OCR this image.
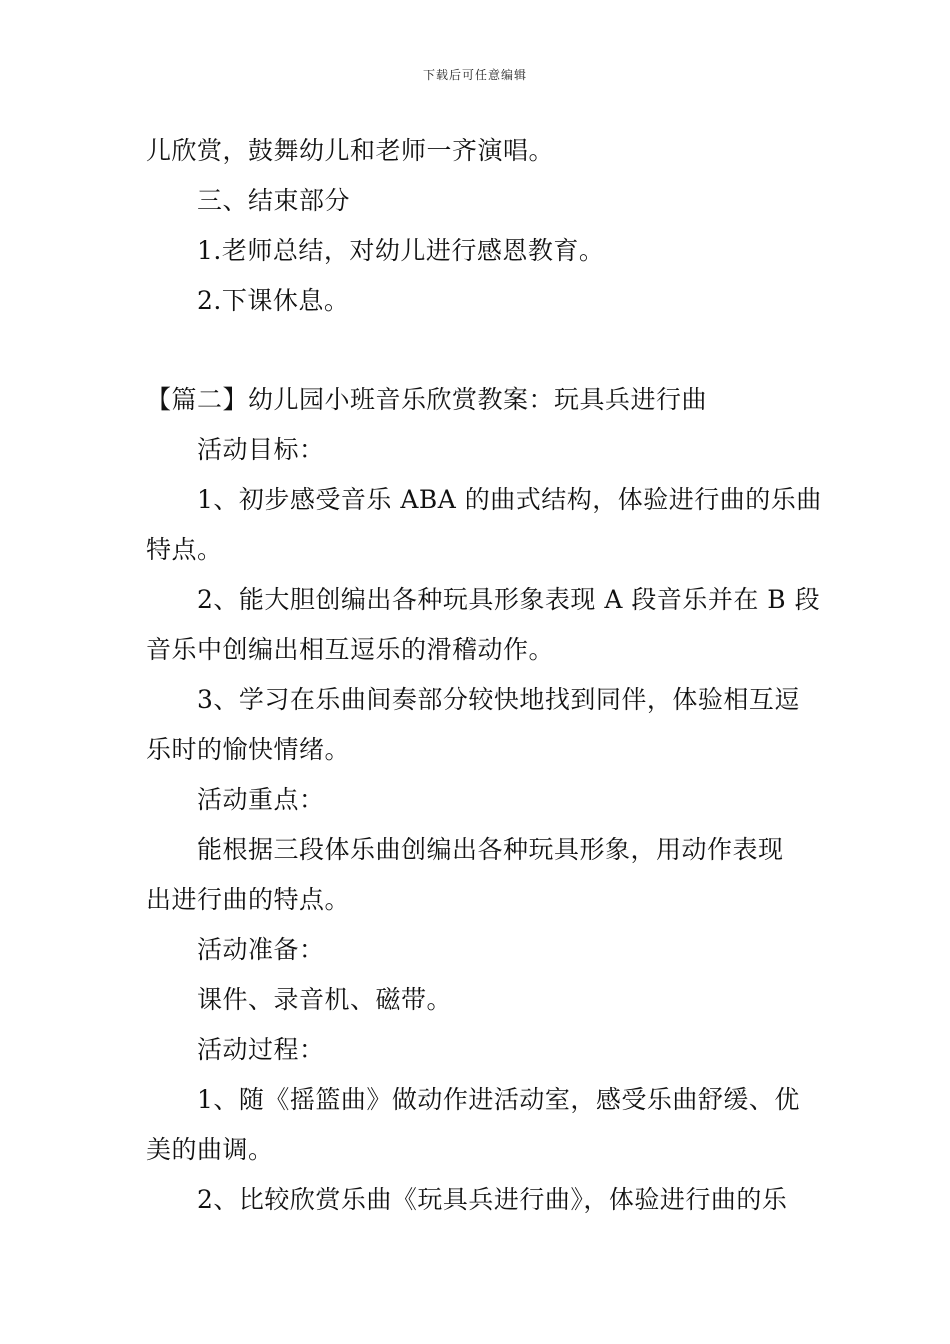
下载后可任意编辑
儿欣赏，鼓舞幼儿和老师一齐演唱。
三、结束部分
1.老师总结，对幼儿进行感恩教育。
2.下课休息。
【篇二】幼儿园小班音乐欣赏教案：玩具兵进行曲
活动目标：
1、初步感受音乐 ABA 的曲式结构，体验进行曲的乐曲
特点。
2、能大胆创编出各种玩具形象表现 A 段音乐并在 B 段
音乐中创编出相互逗乐的滑稽动作。
3、学习在乐曲间奏部分较快地找到同伴，体验相互逗
乐时的愉快情绪。
活动重点：
能根据三段体乐曲创编出各种玩具形象，用动作表现
出进行曲的特点。
活动准备：
课件、录音机、磁带。
活动过程：
1、随《摇篮曲》做动作进活动室，感受乐曲舒缓、优
美的曲调。
2、比较欣赏乐曲《玩具兵进行曲》，体验进行曲的乐
